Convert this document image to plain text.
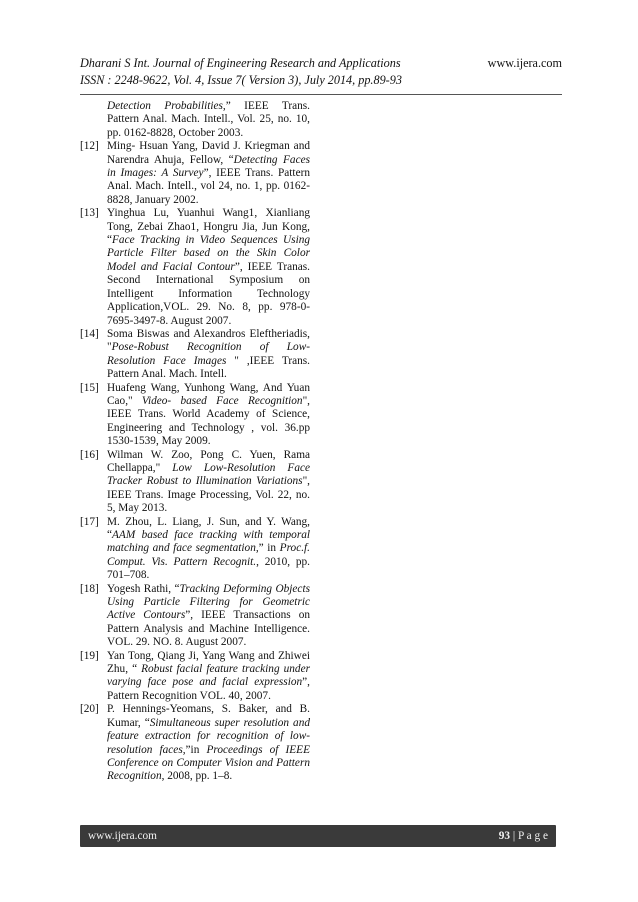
Dharani S Int. Journal of Engineering Research and Applications	www.ijera.com
ISSN : 2248-9622, Vol. 4, Issue 7( Version 3), July 2014, pp.89-93
Detection Probabilities,” IEEE Trans. Pattern Anal. Mach. Intell., Vol. 25, no. 10, pp. 0162-8828, October 2003.
[12] Ming- Hsuan Yang, David J. Kriegman and Narendra Ahuja, Fellow, “Detecting Faces in Images: A Survey”, IEEE Trans. Pattern Anal. Mach. Intell., vol 24, no. 1, pp. 0162-8828, January 2002.
[13] Yinghua Lu, Yuanhui Wang1, Xianliang Tong, Zebai Zhao1, Hongru Jia, Jun Kong, “Face Tracking in Video Sequences Using Particle Filter based on the Skin Color Model and Facial Contour”, IEEE Tranas. Second International Symposium on Intelligent Information Technology Application,VOL. 29. No. 8, pp. 978-0-7695-3497-8. August 2007.
[14] Soma Biswas and Alexandros Eleftheriadis, "Pose-Robust Recognition of Low-Resolution Face Images " ,IEEE Trans. Pattern Anal. Mach. Intell.
[15] Huafeng Wang, Yunhong Wang, And Yuan Cao," Video- based Face Recognition", IEEE Trans. World Academy of Science, Engineering and Technology , vol. 36.pp 1530-1539, May 2009.
[16] Wilman W. Zoo, Pong C. Yuen, Rama Chellappa," Low Low-Resolution Face Tracker Robust to Illumination Variations", IEEE Trans. Image Processing, Vol. 22, no. 5, May 2013.
[17] M. Zhou, L. Liang, J. Sun, and Y. Wang, “AAM based face tracking with temporal matching and face segmentation,” in Proc.f. Comput. Vis. Pattern Recognit., 2010, pp. 701–708.
[18] Yogesh Rathi, “Tracking Deforming Objects Using Particle Filtering for Geometric Active Contours”, IEEE Transactions on Pattern Analysis and Machine Intelligence. VOL. 29. NO. 8. August 2007.
[19] Yan Tong, Qiang Ji, Yang Wang and Zhiwei Zhu, “ Robust facial feature tracking under varying face pose and facial expression”, Pattern Recognition VOL. 40, 2007.
[20] P. Hennings-Yeomans, S. Baker, and B. Kumar, “Simultaneous super resolution and feature extraction for recognition of low-resolution faces,”in Proceedings of IEEE Conference on Computer Vision and Pattern Recognition, 2008, pp. 1–8.
www.ijera.com	93 | P a g e
